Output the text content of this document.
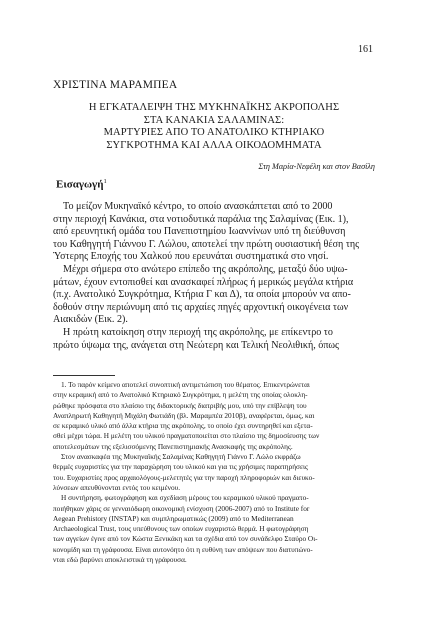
161
ΧΡΙΣΤΙΝΑ ΜΑΡΑΜΠΕΑ
Η ΕΓΚΑΤΑΛΕΙΨΗ ΤΗΣ ΜΥΚΗΝΑΪΚΗΣ ΑΚΡΟΠΟΛΗΣ
ΣΤΑ ΚΑΝΑΚΙΑ ΣΑΛΑΜΙΝΑΣ:
ΜΑΡΤΥΡΙΕΣ ΑΠΟ ΤΟ ΑΝΑΤΟΛΙΚΟ ΚΤΗΡΙΑΚΟ
ΣΥΓΚΡΟΤΗΜΑ ΚΑΙ ΑΛΛΑ ΟΙΚΟΔΟΜΗΜΑΤΑ
Στη Μαρία-Νεφέλη και στον Βασίλη
Εισαγωγή$^1$
Το μείζον Μυκηναϊκό κέντρο, το οποίο ανασκάπτεται από το 2000
στην περιοχή Κανάκια, στα νοτιοδυτικά παράλια της Σαλαμίνας (Εικ. 1),
από ερευνητική ομάδα του Πανεπιστημίου Ιωαννίνων υπό τη διεύθυνση
του Καθηγητή Γιάννου Γ. Λώλου, αποτελεί την πρώτη ουσιαστική θέση της
Ύστερης Εποχής του Χαλκού που ερευνάται συστηματικά στο νησί.
Μέχρι σήμερα στο ανώτερο επίπεδο της ακρόπολης, μεταξύ δύο υψω-
μάτων, έχουν εντοπισθεί και ανασκαφεί πλήρως ή μερικώς μεγάλα κτήρια
(π.χ. Ανατολικό Συγκρότημα, Κτήρια Γ και Δ), τα οποία μπορούν να απο-
δοθούν στην περιώνυμη από τις αρχαίες πηγές αρχοντική οικογένεια των
Αιακιδών (Εικ. 2).
Η πρώτη κατοίκηση στην περιοχή της ακρόπολης, με επίκεντρο το
πρώτο ύψωμα της, ανάγεται στη Νεώτερη και Τελική Νεολιθική, όπως
1. Το παρόν κείμενο αποτελεί συνοπτική αντιμετώπιση του θέματος. Επικεντρώνεται
στην κεραμική από το Ανατολικό Κτηριακό Συγκρότημα, η μελέτη της οποίας ολοκλη-
ρώθηκε πρόσφατα στο πλαίσιο της διδακτορικής διατριβής μου, υπό την επίβλεψη του
Αναπληρωτή Καθηγητή Μιχάλη Φωτιάδη (βλ. Μαραμπέα 2010β), αναφέρεται, όμως, και
σε κεραμικό υλικό από άλλα κτήρια της ακρόπολης, το οποίο έχει συντηρηθεί και εξετα-
σθεί μέχρι τώρα. Η μελέτη του υλικού πραγματοποιείται στο πλαίσιο της δημοσίευσης των
αποτελεσμάτων της εξελισσόμενης Πανεπιστημιακής Ανασκαφής της ακρόπολης.
Στον ανασκαφέα της Μυκηναϊκής Σαλαμίνας Καθηγητή Γιάννο Γ. Λώλο εκφράζω
θερμές ευχαριστίες για την παραχώρηση του υλικού και για τις χρήσιμες παρατηρήσεις
του. Ευχαριστίες προς αρχαιολόγους-μελετητές για την παροχή πληροφοριών και διευκο-
λύνσεων απευθύνονται εντός του κειμένου.
Η συντήρηση, φωτογράφηση και σχεδίαση μέρους του κεραμικού υλικού πραγματο-
ποιήθηκαν χάρις σε γενναιόδωρη οικονομική ενίσχυση (2006-2007) από το Institute for
Aegean Prehistory (INSTAP) και συμπληρωματικώς (2009) από το Mediterranean
Archaeological Trust, τους υπεύθυνους των οποίων ευχαριστώ θερμά. Η φωτογράφηση
των αγγείων έγινε από τον Κώστα Ξενικάκη και τα σχέδια από τον συνάδελφο Σταύρο Οι-
κονομίδη και τη γράφουσα. Είναι αυτονόητο ότι η ευθύνη των απόψεων που διατυπώνο-
νται εδώ βαρύνει αποκλειστικά τη γράφουσα.
